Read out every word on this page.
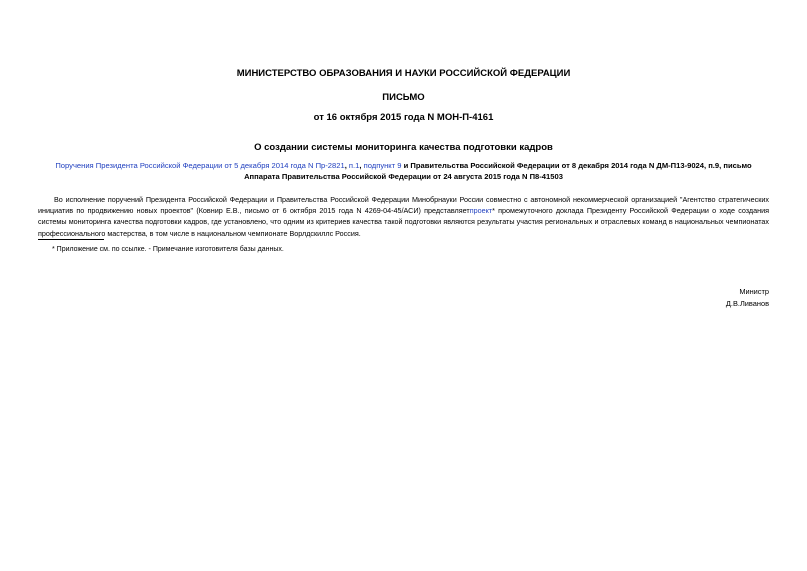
МИНИСТЕРСТВО ОБРАЗОВАНИЯ И НАУКИ РОССИЙСКОЙ ФЕДЕРАЦИИ
ПИСЬМО
от 16 октября 2015 года N МОН-П-4161
О создании системы мониторинга качества подготовки кадров
Поручения Президента Российской Федерации от 5 декабря 2014 года N Пр-2821, п.1, подпункт 9 и Правительства Российской Федерации от 8 декабря 2014 года N ДМ-П13-9024, п.9, письмо Аппарата Правительства Российской Федерации от 24 августа 2015 года N П8-41503
Во исполнение поручений Президента Российской Федерации и Правительства Российской Федерации Минобрнауки России совместно с автономной некоммерческой организацией "Агентство стратегических инициатив по продвижению новых проектов" (Ковнир Е.В., письмо от 6 октября 2015 года N 4269-04-45/АСИ) представляетпроект* промежуточного доклада Президенту Российской Федерации о ходе создания системы мониторинга качества подготовки кадров, где установлено, что одним из критериев качества такой подготовки являются результаты участия региональных и отраслевых команд в национальных чемпионатах профессионального мастерства, в том числе в национальном чемпионате Ворлдскиллс Россия.
* Приложение см. по ссылке. - Примечание изготовителя базы данных.
Министр
Д.В.Ливанов
